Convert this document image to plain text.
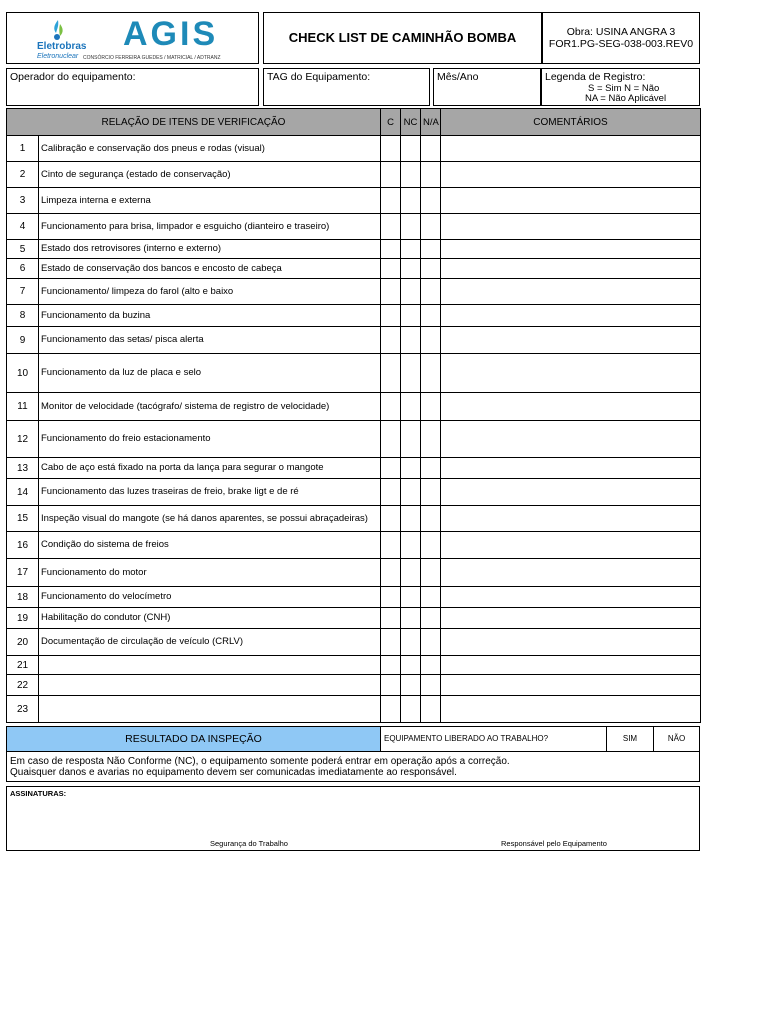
Eletrobras
Eletronuclear
AGIS
CONSÓRCIO FERREIRA GUEDES / MATRICIAL / ADTRANZ
CHECK LIST DE CAMINHÃO BOMBA	Obra: USINA ANGRA 3
FOR1.PG-SEG-038-003.REV0
Operador do equipamento:	TAG do Equipamento:	Mês/Ano	Legenda de Registro:
S = Sim N = Não
NA = Não Aplicável
RELAÇÃO DE ITENS DE VERIFICAÇÃO		C	NC	N/A	COMENTÁRIOS
1	Calibração e conservação dos pneus e rodas (visual)				
2	Cinto de segurança (estado de conservação)				
3	Limpeza interna e externa				
4	Funcionamento para brisa, limpador e esguicho (dianteiro e traseiro)				
5	Estado dos retrovisores (interno e externo)				
6	Estado de conservação dos bancos e encosto de cabeça				
7	Funcionamento/ limpeza do farol (alto e baixo				
8	Funcionamento da buzina				
9	Funcionamento das setas/ pisca alerta				
10	Funcionamento da luz de placa e selo				
11	Monitor de velocidade (tacógrafo/ sistema de registro de velocidade)				
12	Funcionamento do freio estacionamento				
13	Cabo de aço está fixado na porta da lança para segurar o mangote				
14	Funcionamento das luzes traseiras de freio, brake ligt e de ré				
15	Inspeção visual do mangote (se há danos aparentes, se possui abraçadeiras)				
16	Condição do sistema de freios				
17	Funcionamento do motor				
18	Funcionamento do velocímetro				
19	Habilitação do condutor (CNH)				
20	Documentação de circulação de veículo (CRLV)				
21					
22					
23					
RESULTADO DA INSPEÇÃO	EQUIPAMENTO LIBERADO AO TRABALHO?	SIM	NÃO
Em caso de resposta Não Conforme (NC), o equipamento somente poderá entrar em operação após a correção.
Quaisquer danos e avarias no equipamento devem ser comunicadas imediatamente ao responsável.
ASSINATURAS:
Segurança do Trabalho	Responsável pelo Equipamento
